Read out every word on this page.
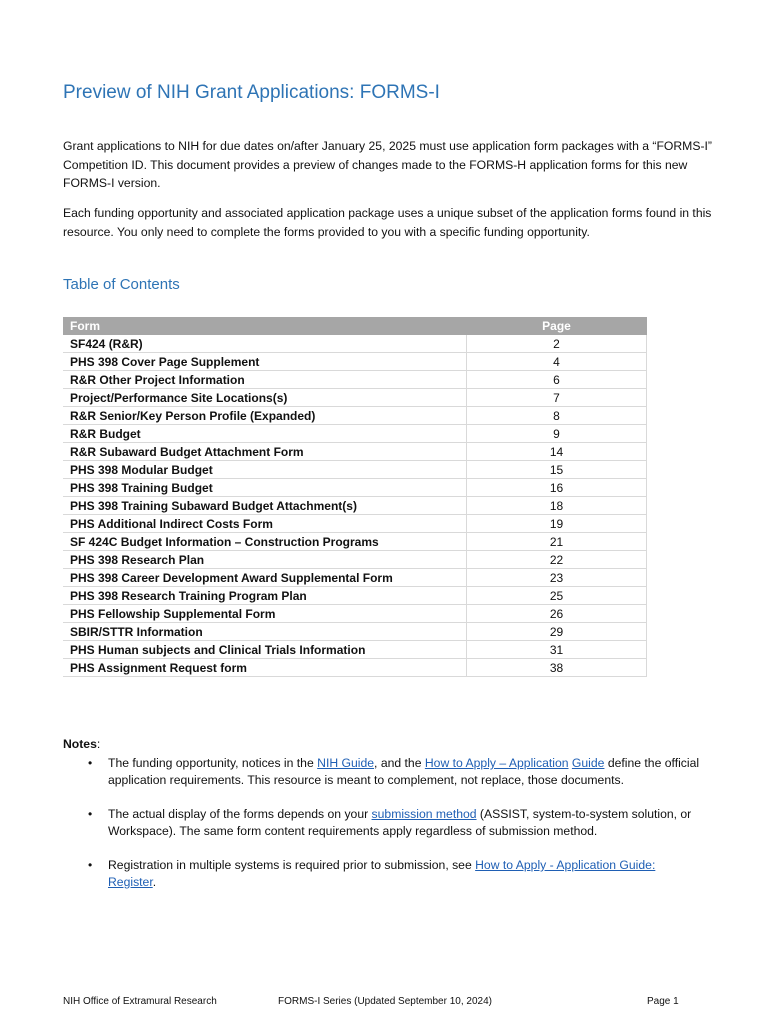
Preview of NIH Grant Applications: FORMS-I

Grant applications to NIH for due dates on/after January 25, 2025 must use application form packages with a “FORMS-I” Competition ID. This document provides a preview of changes made to the FORMS-H application forms for this new FORMS-I version.

Each funding opportunity and associated application package uses a unique subset of the application forms found in this resource. You only need to complete the forms provided to you with a specific funding opportunity.

Table of Contents
Form	Page
SF424 (R&R)	2
PHS 398 Cover Page Supplement	4
R&R Other Project Information	6
Project/Performance Site Locations(s)	7
R&R Senior/Key Person Profile (Expanded)	8
R&R Budget	9
R&R Subaward Budget Attachment Form	14
PHS 398 Modular Budget	15
PHS 398 Training Budget	16
PHS 398 Training Subaward Budget Attachment(s)	18
PHS Additional Indirect Costs Form	19
SF 424C Budget Information – Construction Programs	21
PHS 398 Research Plan	22
PHS 398 Career Development Award Supplemental Form	23
PHS 398 Research Training Program Plan	25
PHS Fellowship Supplemental Form	26
SBIR/STTR Information	29
PHS Human subjects and Clinical Trials Information	31
PHS Assignment Request form	38

Notes:

• The funding opportunity, notices in the NIH Guide, and the How to Apply – Application Guide define the official application requirements. This resource is meant to complement, not replace, those documents.
• The actual display of the forms depends on your submission method (ASSIST, system-to-system solution, or Workspace). The same form content requirements apply regardless of submission method.
• Registration in multiple systems is required prior to submission, see How to Apply - Application Guide: Register.

NIH Office of Extramural Research	FORMS-I Series (Updated September 10, 2024)	Page 1
